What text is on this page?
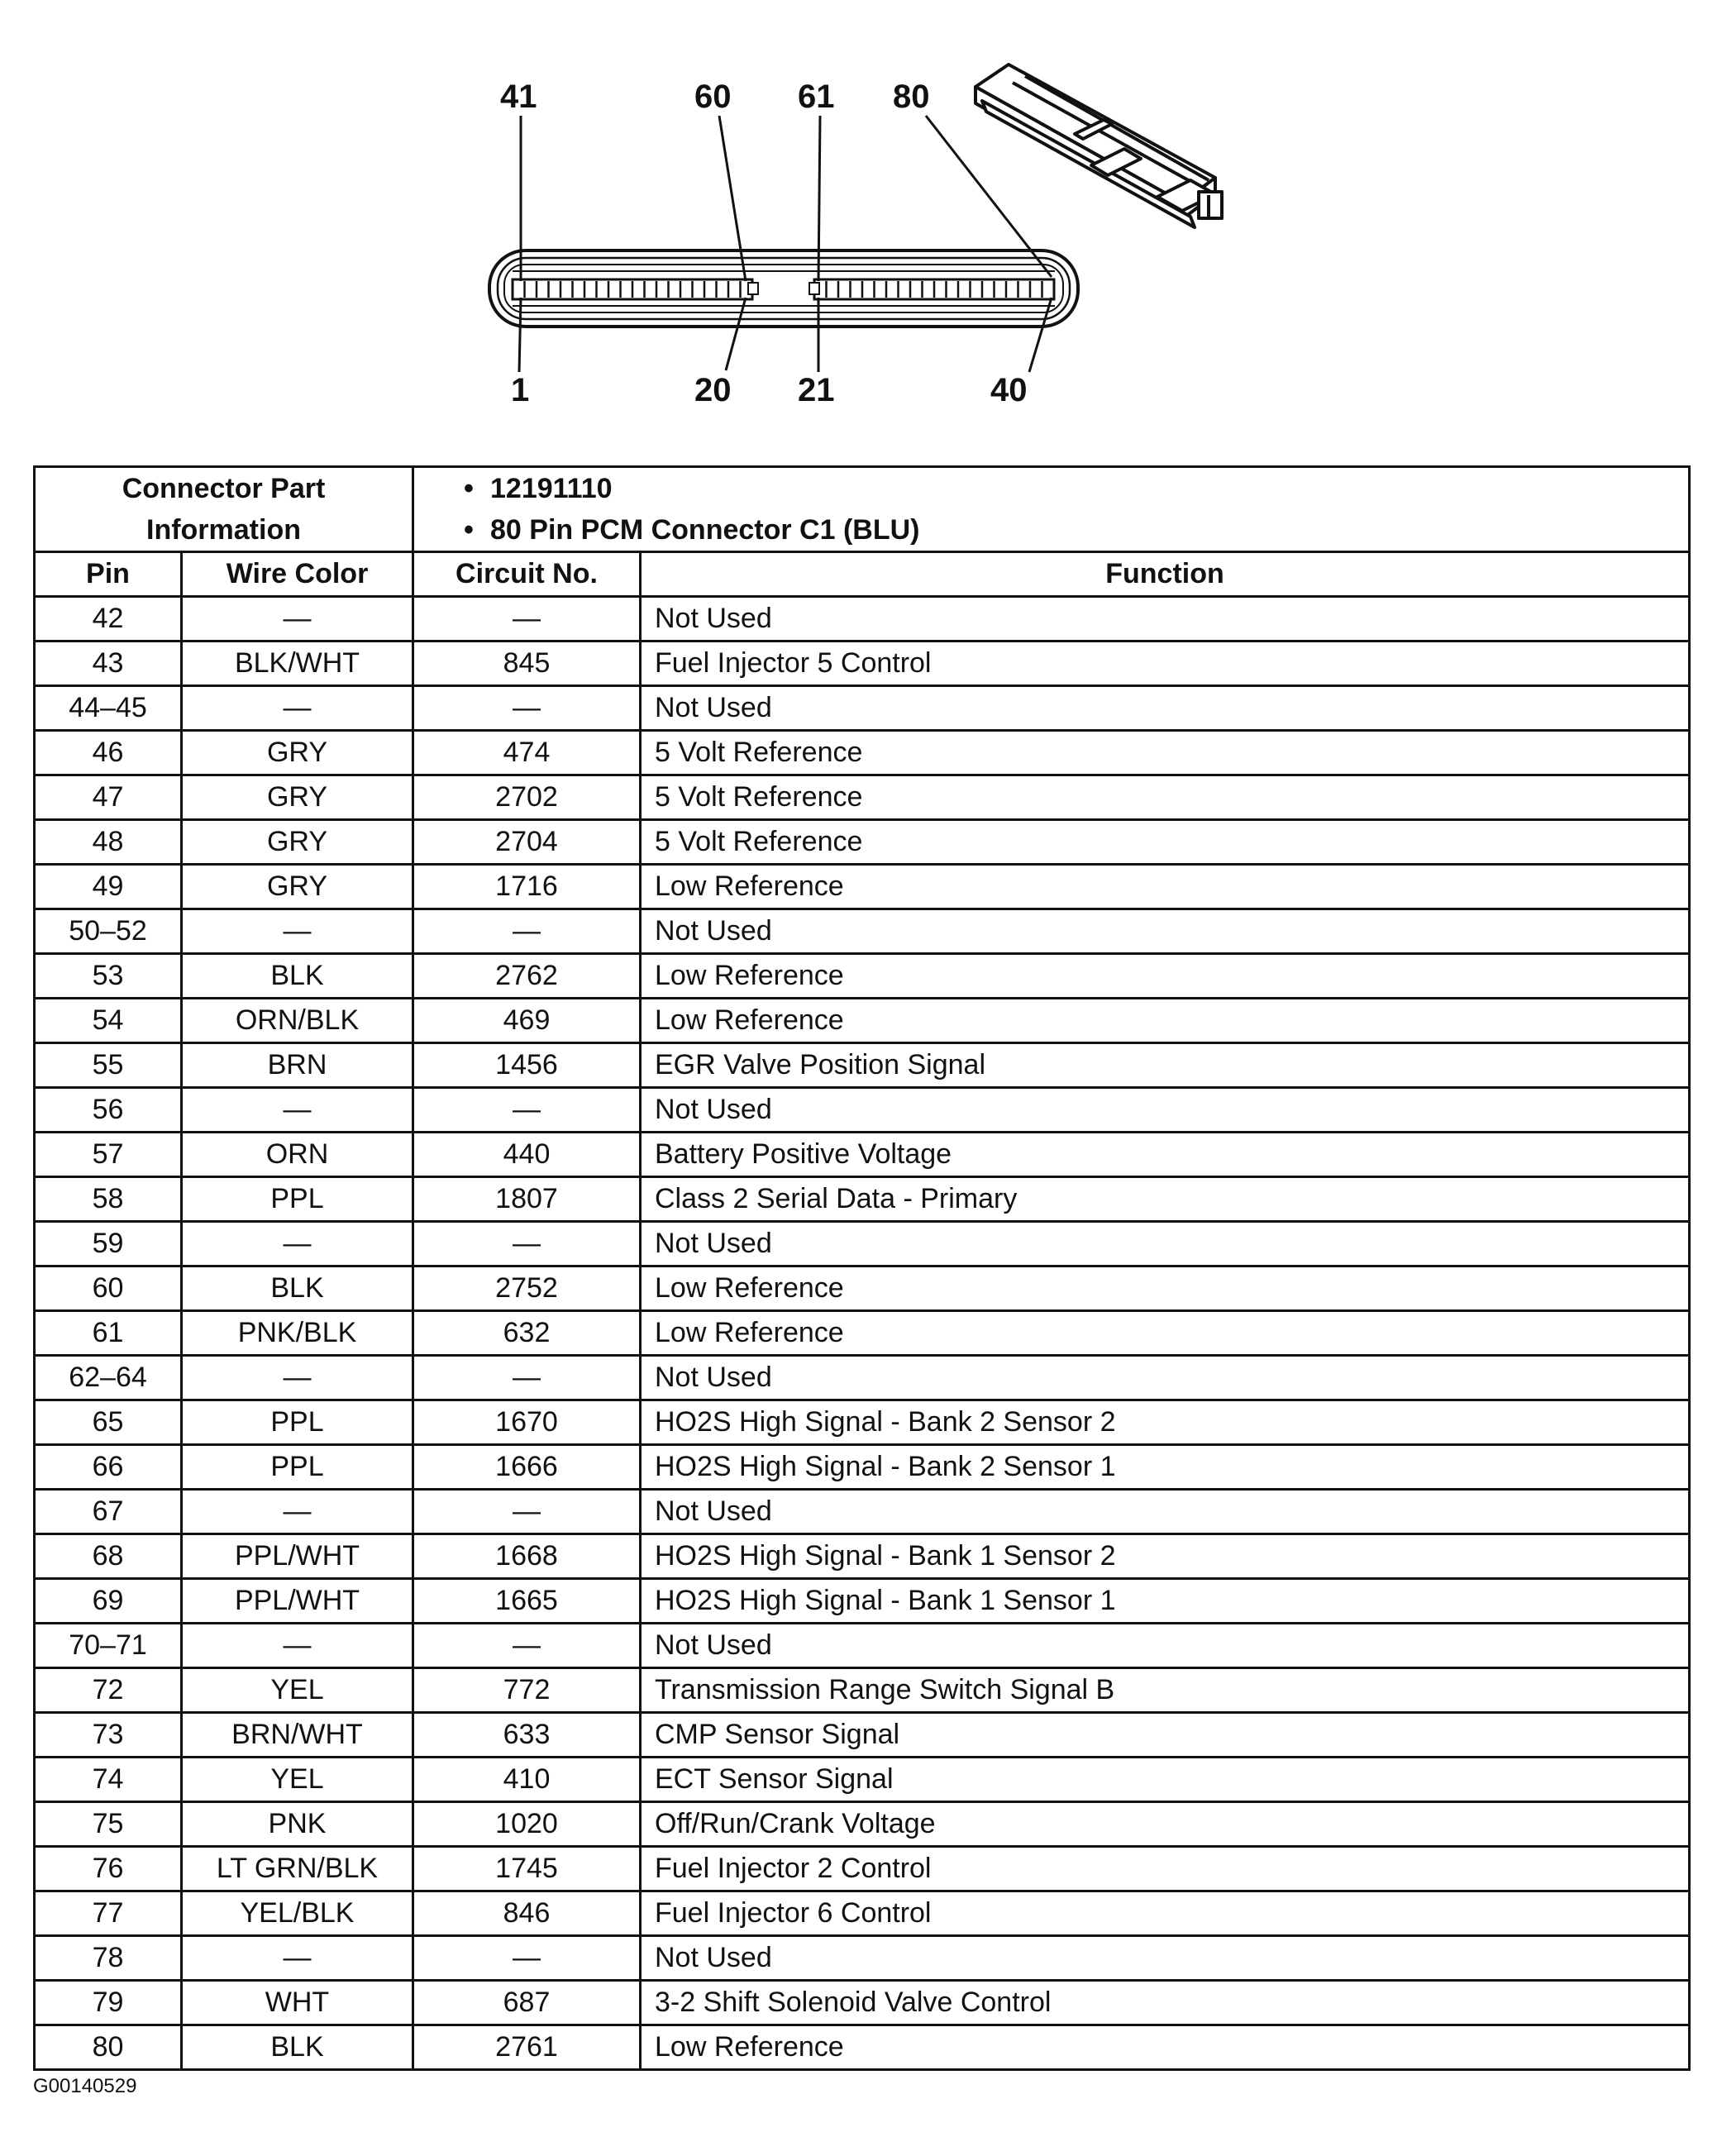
41	60 61 80
1	20 21	40
Connector Part
Information		• 12191110
• 80 Pin PCM Connector C1 (BLU)	

Pin	Wire Color	Circuit No.	Function
42	—	—	Not Used
43	BLK/WHT	845	Fuel Injector 5 Control
44–45	—	—	Not Used
46	GRY	474	5 Volt Reference
47	GRY	2702	5 Volt Reference
48	GRY	2704	5 Volt Reference
49	GRY	1716	Low Reference
50–52	—	—	Not Used
53	BLK	2762	Low Reference
54	ORN/BLK	469	Low Reference
55	BRN	1456	EGR Valve Position Signal
56	—	—	Not Used
57	ORN	440	Battery Positive Voltage
58	PPL	1807	Class 2 Serial Data - Primary
59	—	—	Not Used
60	BLK	2752	Low Reference
61	PNK/BLK	632	Low Reference
62–64	—	—	Not Used
65	PPL	1670	HO2S High Signal - Bank 2 Sensor 2
66	PPL	1666	HO2S High Signal - Bank 2 Sensor 1
67	—	—	Not Used
68	PPL/WHT	1668	HO2S High Signal - Bank 1 Sensor 2
69	PPL/WHT	1665	HO2S High Signal - Bank 1 Sensor 1
70–71	—	—	Not Used
72	YEL	772	Transmission Range Switch Signal B
73	BRN/WHT	633	CMP Sensor Signal
74	YEL	410	ECT Sensor Signal
75	PNK	1020	Off/Run/Crank Voltage
76	LT GRN/BLK	1745	Fuel Injector 2 Control
77	YEL/BLK	846	Fuel Injector 6 Control
78	—	—	Not Used
79	WHT	687	3-2 Shift Solenoid Valve Control
80	BLK	2761	Low Reference
G00140529
